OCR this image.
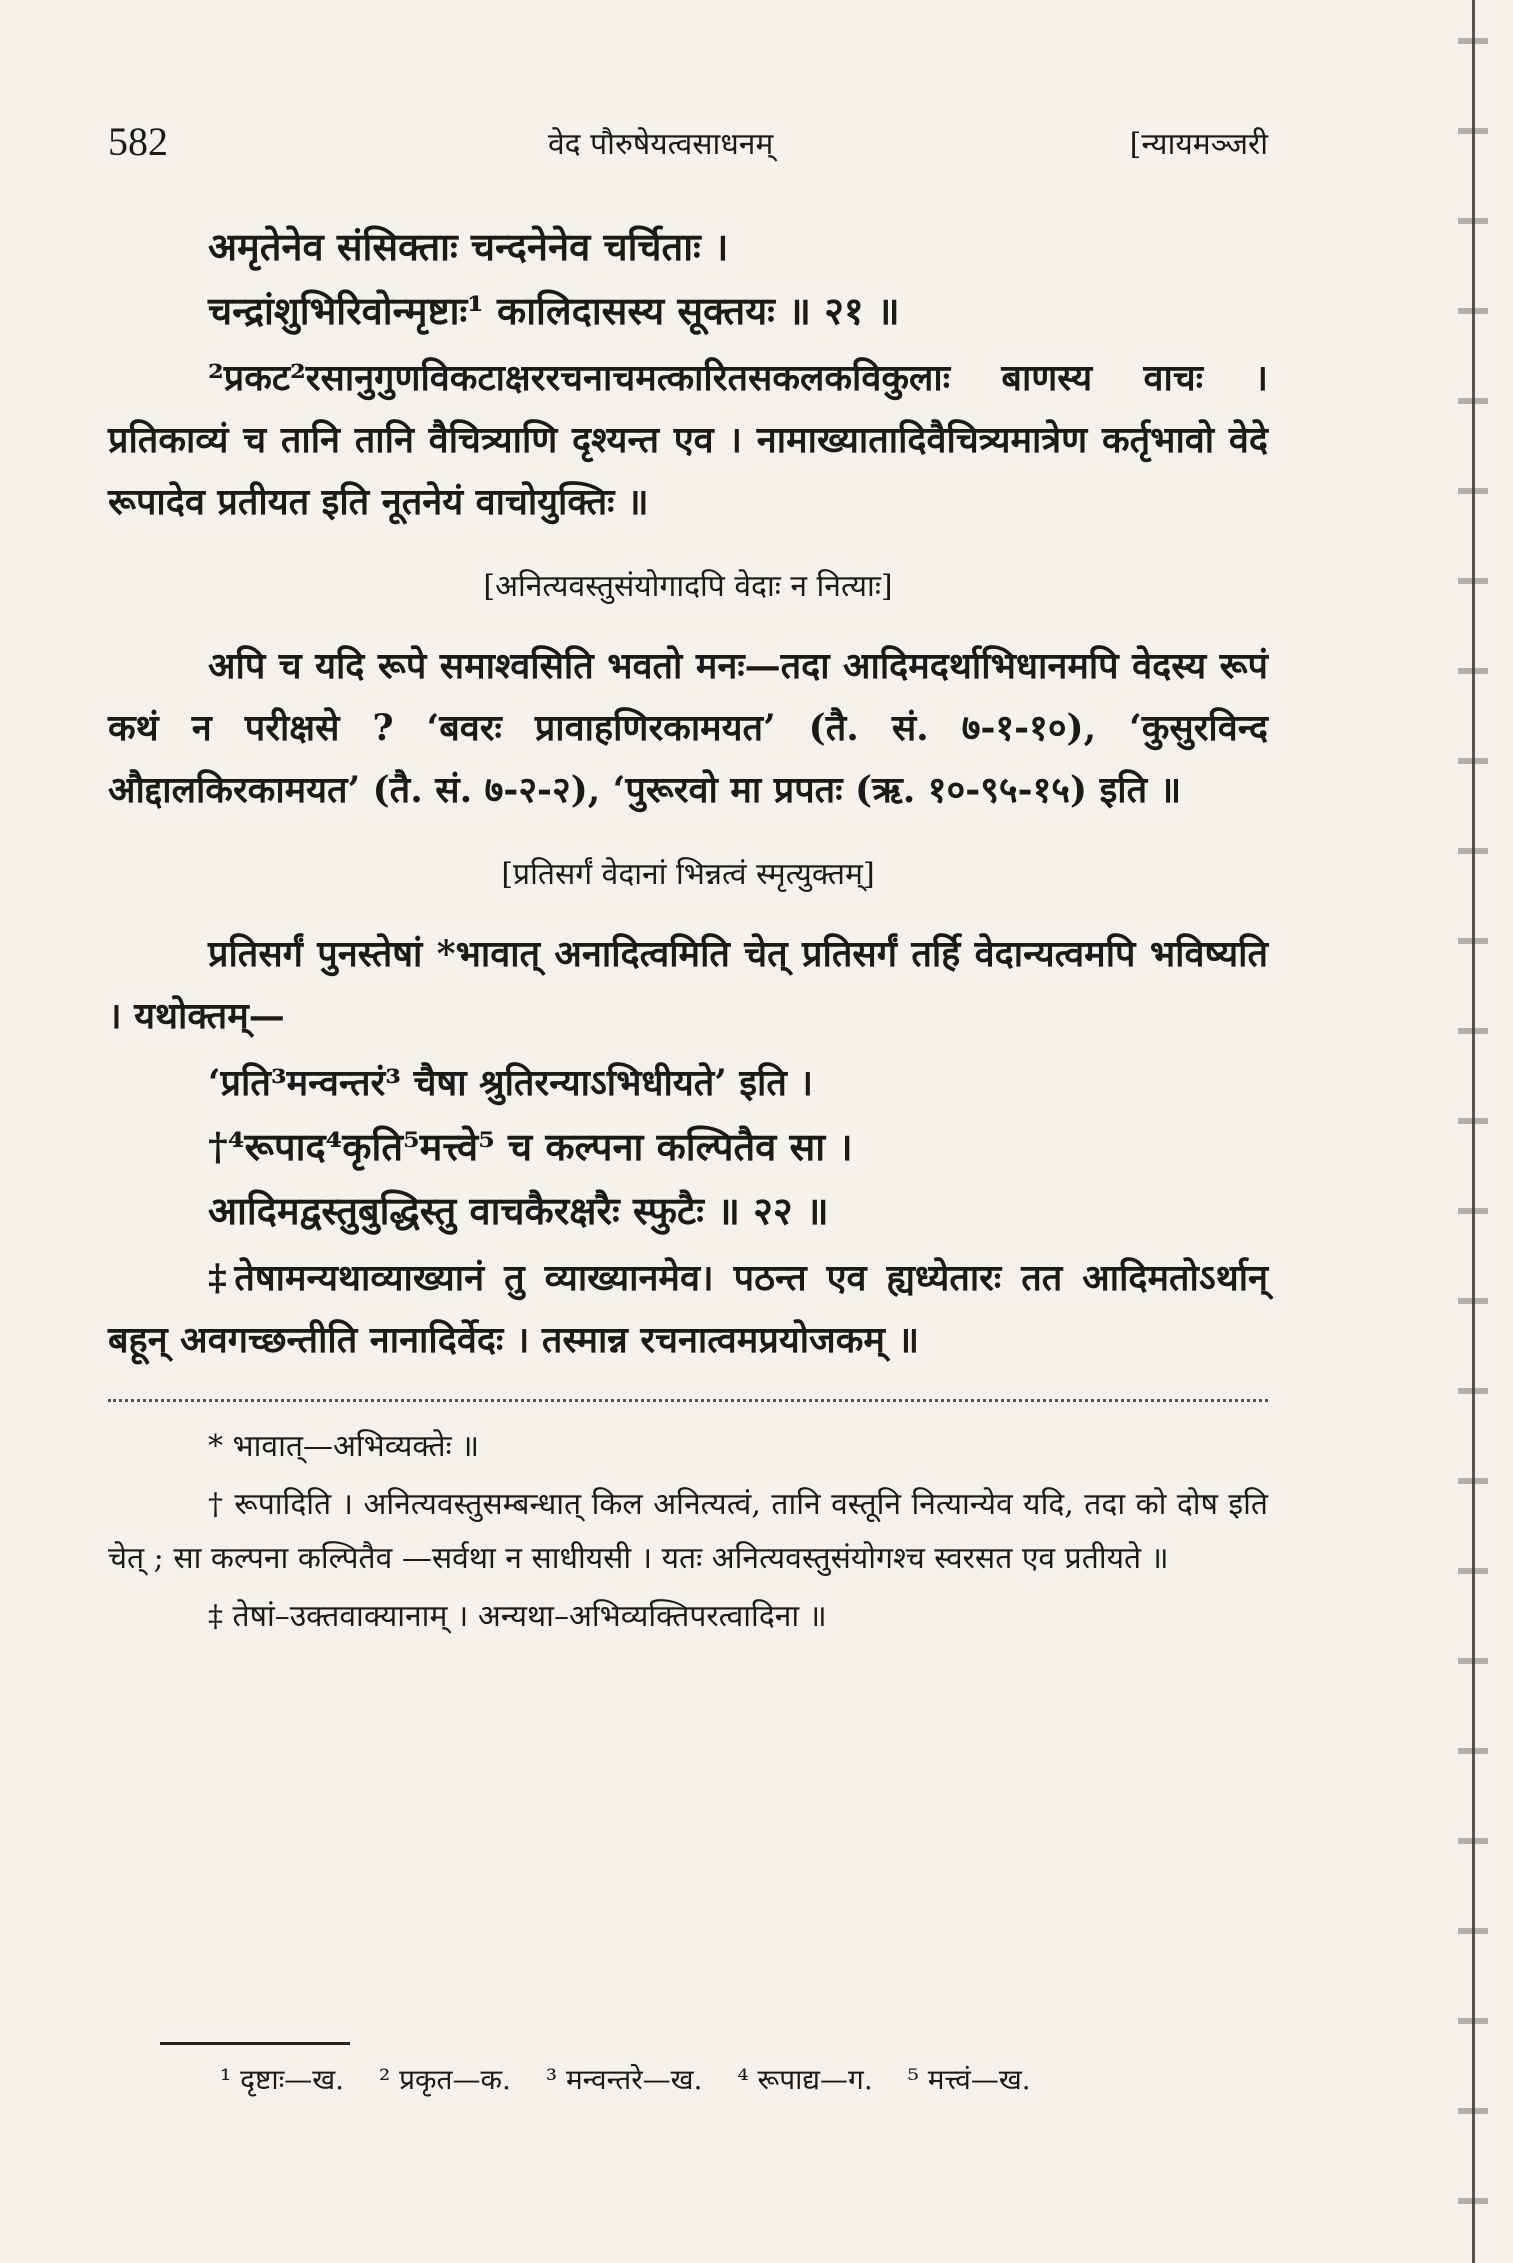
582	वेद पौरुषेयत्वसाधनम्	[न्यायमञ्जरी
अमृतेनेव संसिक्ताः चन्दनेनेव चर्चिताः ।
चन्द्रांशुभिरिवोन्मृष्टाः¹ कालिदासस्य सूक्तयः ॥ २१ ॥

²प्रकट²रसानुगुणविकटाक्षररचनाचमत्कारितसकलकविकुलाः बाणस्य वाचः । प्रतिकाव्यं च तानि तानि वैचित्र्याणि दृश्यन्त एव । नामाख्यातादिवैचित्र्यमात्रेण कर्तृभावो वेदे रूपादेव प्रतीयत इति नूतनेयं वाचोयुक्तिः ॥

[अनित्यवस्तुसंयोगादपि वेदाः न नित्याः]

अपि च यदि रूपे समाश्वसिति भवतो मनः—तदा आदिमदर्थाभिधानमपि वेदस्य रूपं कथं न परीक्षसे ? ‘बवरः प्रावाहणिरकामयत’ (तै. सं. ७-१-१०), ‘कुसुरविन्द औद्दालकिरकामयत’ (तै. सं. ७-२-२), ‘पुरूरवो मा प्रपतः (ऋ. १०-९५-१५) इति ॥

[प्रतिसर्गं वेदानां भिन्नत्वं स्मृत्युक्तम्]

प्रतिसर्गं पुनस्तेषां *भावात् अनादित्वमिति चेत् प्रतिसर्गं तर्हि वेदान्यत्वमपि भविष्यति । यथोक्तम्—

‘प्रति³मन्वन्तरं³ चैषा श्रुतिरन्याऽभिधीयते’ इति ।
†⁴रूपाद⁴कृति⁵मत्त्वे⁵ च कल्पना कल्पितैव सा ।
आदिमद्वस्तुबुद्धिस्तु वाचकैरक्षरैः स्फुटैः ॥ २२ ॥

‡तेषामन्यथाव्याख्यानं तु व्याख्यानमेव। पठन्त एव ह्यध्येतारः तत आदिमतोऽर्थान् बहून् अवगच्छन्तीति नानादिर्वेदः । तस्मान्न रचनात्वमप्रयोजकम् ॥

* भावात्—अभिव्यक्तेः ॥

† रूपादिति । अनित्यवस्तुसम्बन्धात् किल अनित्यत्वं, तानि वस्तूनि नित्यान्येव यदि, तदा को दोष इति चेत् ; सा कल्पना कल्पितैव —सर्वथा न साधीयसी । यतः अनित्यवस्तुसंयोगश्च स्वरसत एव प्रतीयते ॥

‡ तेषां–उक्तवाक्यानाम् । अन्यथा–अभिव्यक्तिपरत्वादिना ॥

¹ दृष्टाः—ख. ² प्रकृत—क. ³ मन्वन्तरे—ख. ⁴ रूपाद्य—ग. ⁵ मत्त्वं—ख.
